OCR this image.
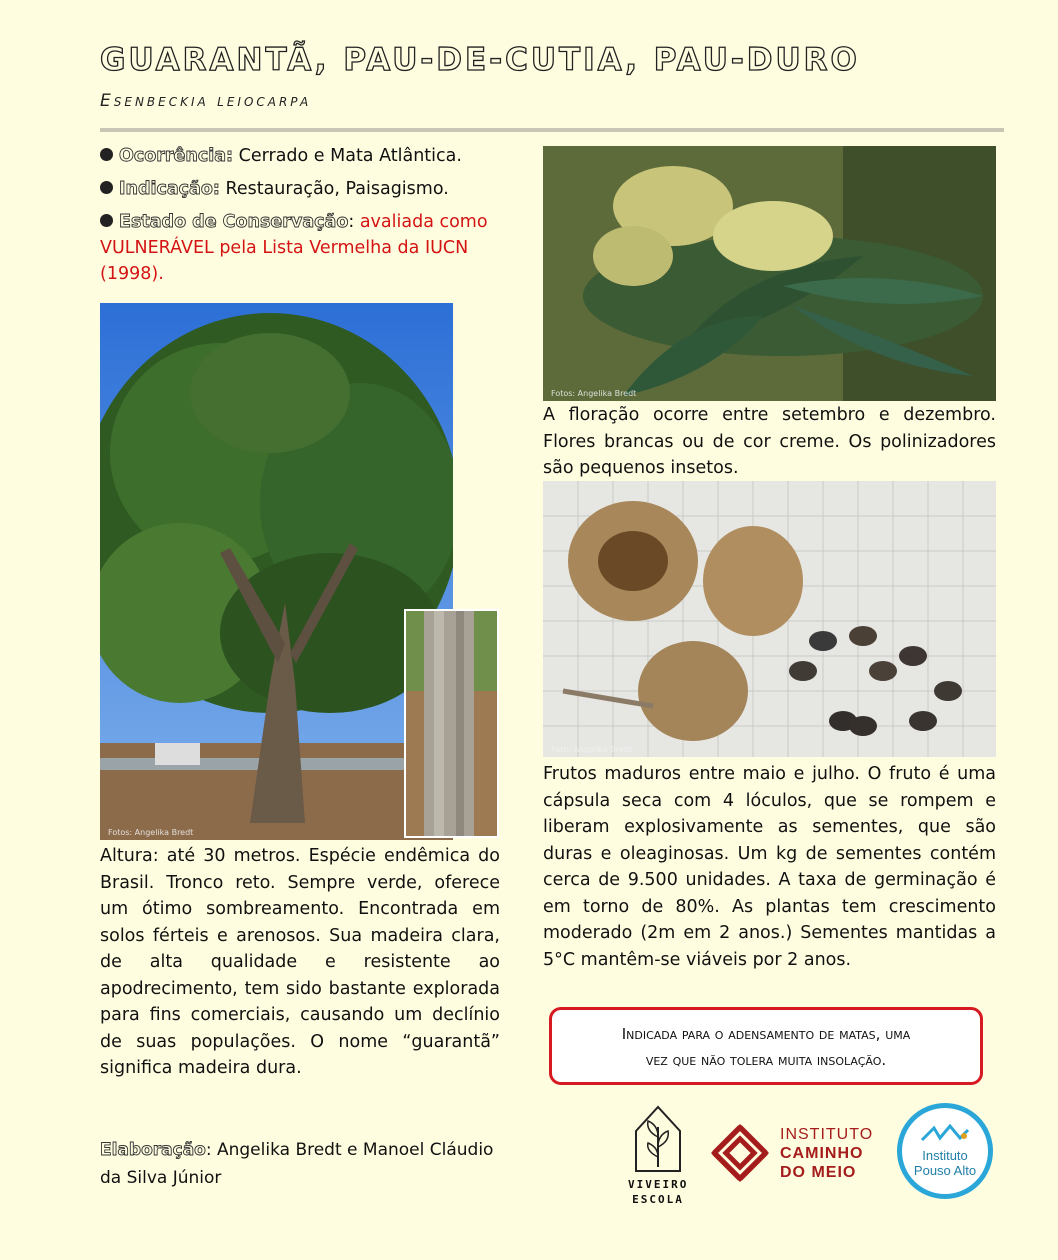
GUARANTÃ, PAU-DE-CUTIA, PAU-DURO
Esenbeckia leiocarpa
Ocorrência: Cerrado e Mata Atlântica.
Indicação: Restauração, Paisagismo.
Estado de Conservação: avaliada como VULNERÁVEL pela Lista Vermelha da IUCN (1998).
Fotos: Angelika Bredt
Fotos: Angelika Bredt
A floração ocorre entre setembro e dezembro. Flores brancas ou de cor creme. Os polinizadores são pequenos insetos.
Foto: Angelika Bredt
Frutos maduros entre maio e julho. O fruto é uma cápsula seca com 4 lóculos, que se rompem e liberam explosivamente as sementes, que são duras e oleaginosas. Um kg de sementes contém cerca de 9.500 unidades. A taxa de germinação é em torno de 80%. As plantas tem crescimento moderado (2m em 2 anos.) Sementes mantidas a 5°C mantêm-se viáveis por 2 anos.
Altura: até 30 metros. Espécie endêmica do Brasil. Tronco reto. Sempre verde, oferece um ótimo sombreamento. Encontrada em solos férteis e arenosos. Sua madeira clara, de alta qualidade e resistente ao apodrecimento, tem sido bastante explorada para fins comerciais, causando um declínio de suas populações. O nome “guarantã” significa madeira dura.
Indicada para o adensamento de matas, uma
vez que não tolera muita insolação.
Elaboração: Angelika Bredt e Manoel Cláudio da Silva Júnior	VIVEIRO
ESCOLA
INSTITUTO
CAMINHO
DO MEIO
Instituto
Pouso Alto
